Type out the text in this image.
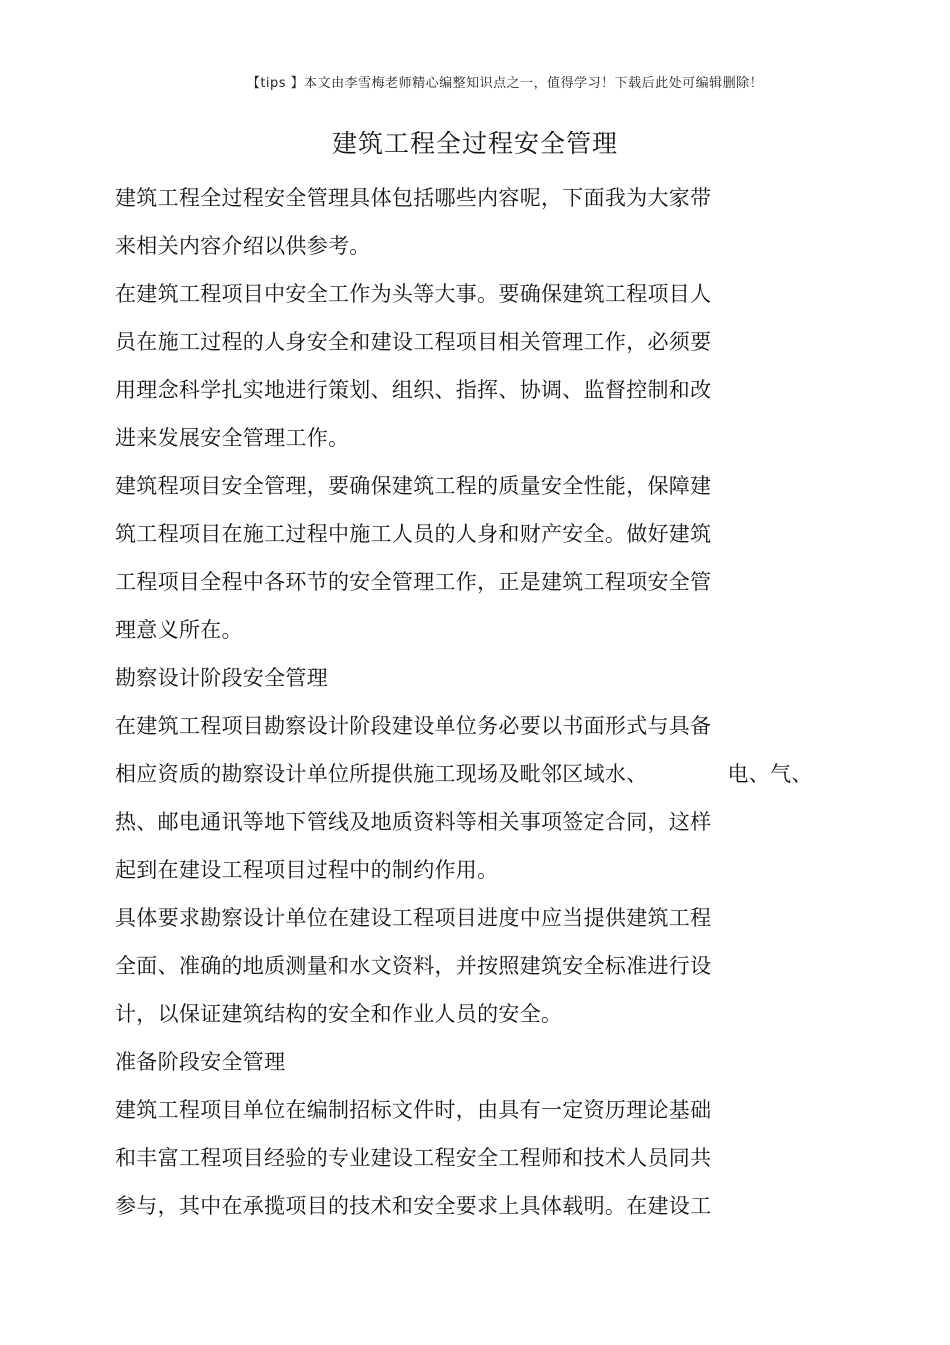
【tips 】本文由李雪梅老师精心编整知识点之一，值得学习！下载后此处可编辑删除！
建筑工程全过程安全管理
建筑工程全过程安全管理具体包括哪些内容呢，下面我为大家带
来相关内容介绍以供参考。
在建筑工程项目中安全工作为头等大事。要确保建筑工程项目人
员在施工过程的人身安全和建设工程项目相关管理工作，必须要
用理念科学扎实地进行策划、组织、指挥、协调、监督控制和改
进来发展安全管理工作。
建筑程项目安全管理，要确保建筑工程的质量安全性能，保障建
筑工程项目在施工过程中施工人员的人身和财产安全。做好建筑
工程项目全程中各环节的安全管理工作，正是建筑工程项安全管
理意义所在。
勘察设计阶段安全管理
在建筑工程项目勘察设计阶段建设单位务必要以书面形式与具备
相应资质的勘察设计单位所提供施工现场及毗邻区域水、	电、气、
热、邮电通讯等地下管线及地质资料等相关事项签定合同，这样
起到在建设工程项目过程中的制约作用。
具体要求勘察设计单位在建设工程项目进度中应当提供建筑工程
全面、准确的地质测量和水文资料，并按照建筑安全标准进行设
计，以保证建筑结构的安全和作业人员的安全。
准备阶段安全管理
建筑工程项目单位在编制招标文件时，由具有一定资历理论基础
和丰富工程项目经验的专业建设工程安全工程师和技术人员同共
参与，其中在承揽项目的技术和安全要求上具体载明。在建设工
